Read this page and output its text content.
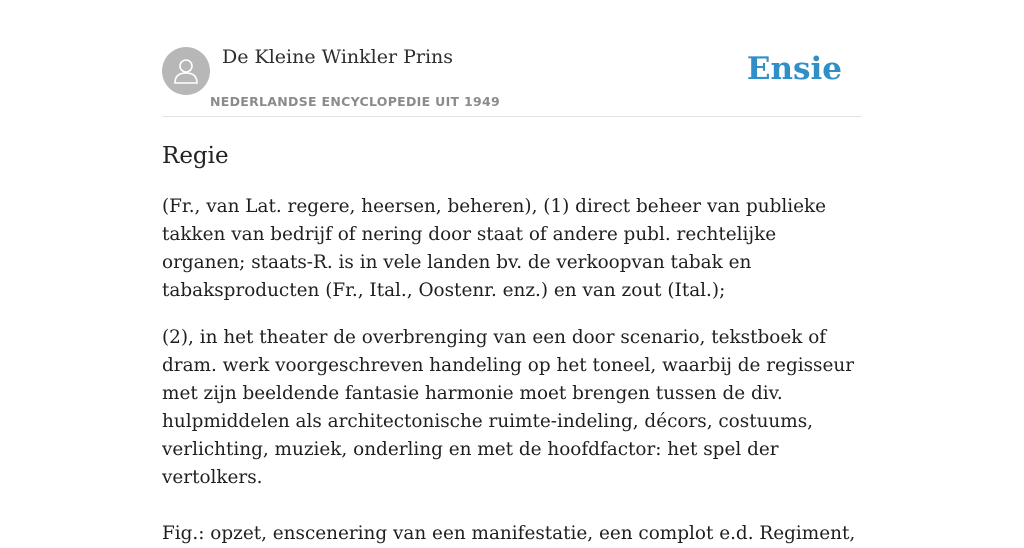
De Kleine Winkler Prins
NEDERLANDSE ENCYCLOPEDIE UIT 1949
Ensie
Regie

(Fr., van Lat. regere, heersen, beheren), (1) direct beheer van publieke takken van bedrijf of nering door staat of andere publ. rechtelijke organen; staats-R. is in vele landen bv. de verkoopvan tabak en tabaksproducten (Fr., Ital., Oostenr. enz.) en van zout (Ital.);

(2), in het theater de overbrenging van een door scenario, tekstboek of dram. werk voorgeschreven handeling op het toneel, waarbij de regisseur met zijn beeldende fantasie harmonie moet brengen tussen de div. hulpmiddelen als architectonische ruimte-indeling, décors, costuums, verlichting, muziek, onderling en met de hoofdfactor: het spel der vertolkers.

Fig.: opzet, enscenering van een manifestatie, een complot e.d. Regiment,
